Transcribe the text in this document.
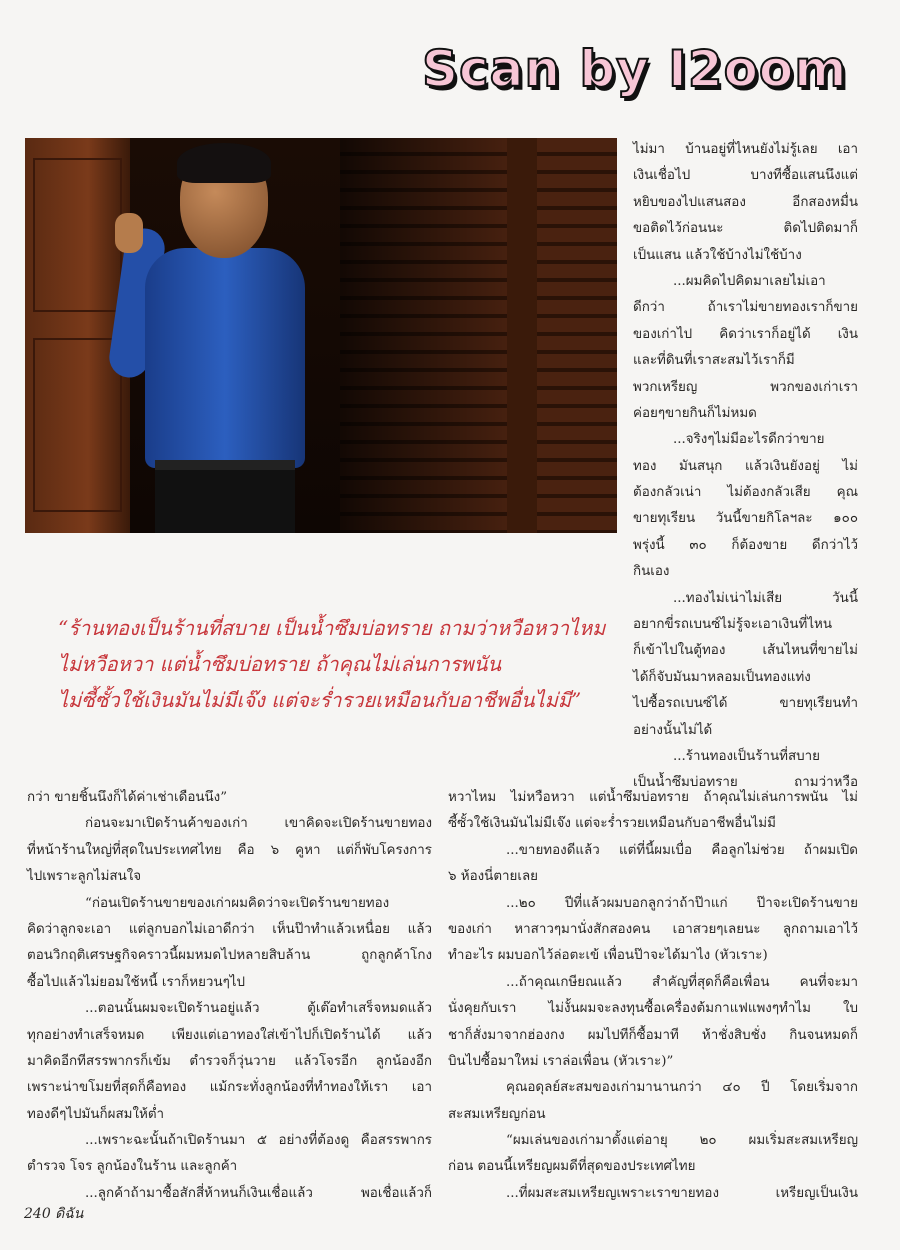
Scan by I2oom
“ร้านทองเป็นร้านที่สบาย เป็นน้ำซึมบ่อทราย ถามว่าหวือหวาไหม
ไม่หวือหวา แต่น้ำซึมบ่อทราย ถ้าคุณไม่เล่นการพนัน
ไม่ซี้ซั้วใช้เงินมันไม่มีเจ๊ง แต่จะร่ำรวยเหมือนกับอาชีพอื่นไม่มี”
ไม่มา บ้านอยู่ที่ไหนยังไม่รู้เลย เอา
เงินเชื่อไป บางทีซื้อแสนนึงแต่
หยิบของไปแสนสอง อีกสองหมื่น
ขอติดไว้ก่อนนะ ติดไปติดมาก็
เป็นแสน แล้วใช้บ้างไม่ใช้บ้าง
...ผมคิดไปคิดมาเลยไม่เอา
ดีกว่า ถ้าเราไม่ขายทองเราก็ขาย
ของเก่าไป คิดว่าเราก็อยู่ได้ เงิน
และที่ดินที่เราสะสมไว้เราก็มี
พวกเหรียญ พวกของเก่าเรา
ค่อยๆขายกินก็ไม่หมด
...จริงๆไม่มีอะไรดีกว่าขาย
ทอง มันสนุก แล้วเงินยังอยู่ ไม่
ต้องกลัวเน่า ไม่ต้องกลัวเสีย คุณ
ขายทุเรียน วันนี้ขายกิโลฯละ ๑๐๐
พรุ่งนี้ ๓๐ ก็ต้องขาย ดีกว่าไว้
กินเอง
...ทองไม่เน่าไม่เสีย วันนี้
อยากขี่รถเบนซ์ไม่รู้จะเอาเงินที่ไหน
ก็เข้าไปในตู้ทอง เส้นไหนที่ขายไม่
ได้ก็จับมันมาหลอมเป็นทองแท่ง
ไปซื้อรถเบนซ์ได้ ขายทุเรียนทำ
อย่างนั้นไม่ได้
...ร้านทองเป็นร้านที่สบาย
เป็นน้ำซึมบ่อทราย ถามว่าหวือ
กว่า ขายชิ้นนึงก็ได้ค่าเช่าเดือนนึง”
ก่อนจะมาเปิดร้านค้าของเก่า เขาคิดจะเปิดร้านขายทอง
ที่หน้าร้านใหญ่ที่สุดในประเทศไทย คือ ๖ คูหา แต่ก็พับโครงการ
ไปเพราะลูกไม่สนใจ
“ก่อนเปิดร้านขายของเก่าผมคิดว่าจะเปิดร้านขายทอง
คิดว่าลูกจะเอา แต่ลูกบอกไม่เอาดีกว่า เห็นป๊าทำแล้วเหนื่อย แล้ว
ตอนวิกฤติเศรษฐกิจคราวนี้ผมหมดไปหลายสิบล้าน ถูกลูกค้าโกง
ซื้อไปแล้วไม่ยอมใช้หนี้ เราก็หยวนๆไป
...ตอนนั้นผมจะเปิดร้านอยู่แล้ว ตู้เต๊อทำเสร็จหมดแล้ว
ทุกอย่างทำเสร็จหมด เพียงแต่เอาทองใส่เข้าไปก็เปิดร้านได้ แล้ว
มาคิดอีกทีสรรพากรก็เข้ม ตำรวจก็วุ่นวาย แล้วโจรอีก ลูกน้องอีก
เพราะน่าขโมยที่สุดก็คือทอง แม้กระทั่งลูกน้องที่ทำทองให้เรา เอา
ทองดีๆไปมันก็ผสมให้ต่ำ
...เพราะฉะนั้นถ้าเปิดร้านมา ๕ อย่างที่ต้องดู คือสรรพากร
ตำรวจ โจร ลูกน้องในร้าน และลูกค้า
...ลูกค้าถ้ามาซื้อสักสี่ห้าหนก็เงินเชื่อแล้ว พอเชื่อแล้วก็
หวาไหม ไม่หวือหวา แต่น้ำซึมบ่อทราย ถ้าคุณไม่เล่นการพนัน ไม่
ซี้ซั้วใช้เงินมันไม่มีเจ๊ง แต่จะร่ำรวยเหมือนกับอาชีพอื่นไม่มี
...ขายทองดีแล้ว แต่ที่นี้ผมเบื่อ คือลูกไม่ช่วย ถ้าผมเปิด
๖ ห้องนี่ตายเลย
...๒๐ ปีที่แล้วผมบอกลูกว่าถ้าป๊าแก่ ป๊าจะเปิดร้านขาย
ของเก่า หาสาวๆมานั่งสักสองคน เอาสวยๆเลยนะ ลูกถามเอาไว้
ทำอะไร ผมบอกไว้ล่อตะเข้ เพื่อนป๊าจะได้มาไง (หัวเราะ)
...ถ้าคุณเกษียณแล้ว สำคัญที่สุดก็คือเพื่อน คนที่จะมา
นั่งคุยกับเรา ไม่งั้นผมจะลงทุนซื้อเครื่องต้มกาแฟแพงๆทำไม ใบ
ชาก็สั่งมาจากฮ่องกง ผมไปทีก็ซื้อมาที ห้าชั่งสิบชั่ง กินจนหมดก็
บินไปซื้อมาใหม่ เราล่อเพื่อน (หัวเราะ)”
คุณอดุลย์สะสมของเก่ามานานกว่า ๔๐ ปี โดยเริ่มจาก
สะสมเหรียญก่อน
“ผมเล่นของเก่ามาตั้งแต่อายุ ๒๐ ผมเริ่มสะสมเหรียญ
ก่อน ตอนนี้เหรียญผมดีที่สุดของประเทศไทย
...ที่ผมสะสมเหรียญเพราะเราขายทอง เหรียญเป็นเงิน
240 ดิฉัน
